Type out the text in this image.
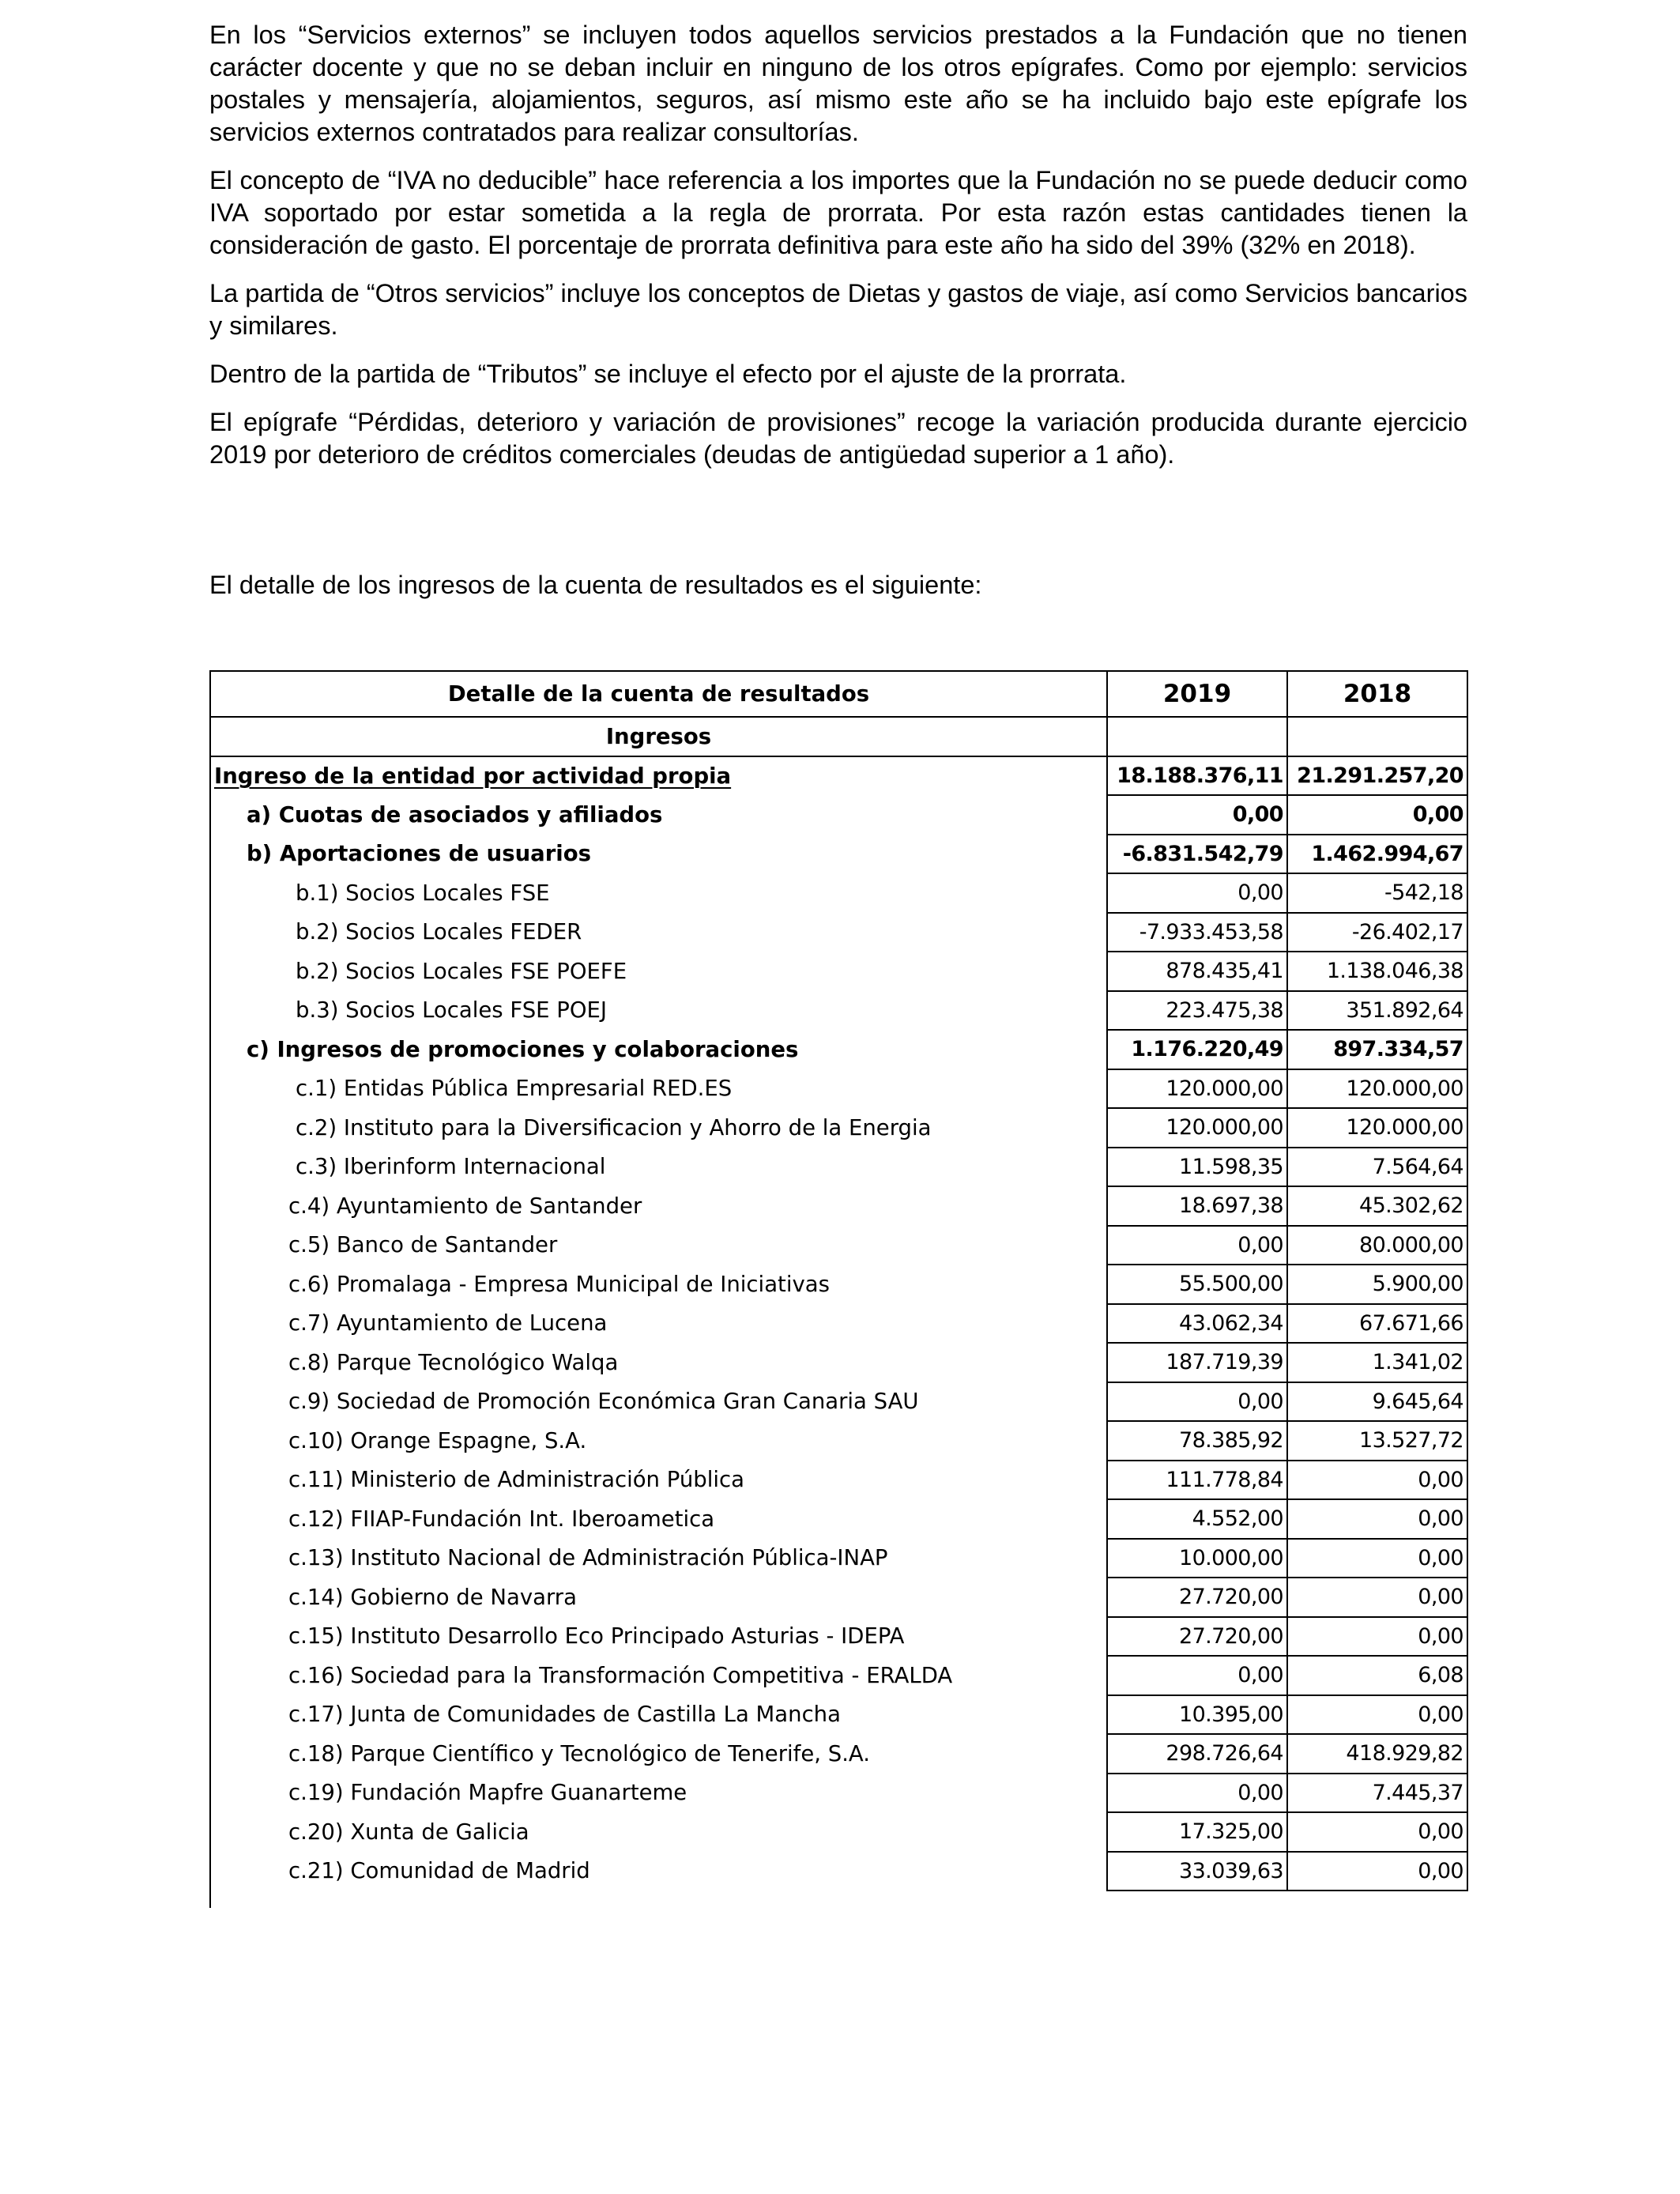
En los “Servicios externos” se incluyen todos aquellos servicios prestados a la Fundación que no tienen carácter docente y que no se deban incluir en ninguno de los otros epígrafes. Como por ejemplo: servicios postales y mensajería, alojamientos, seguros, así mismo este año se ha incluido bajo este epígrafe los servicios externos contratados para realizar consultorías.

El concepto de “IVA no deducible” hace referencia a los importes que la Fundación no se puede deducir como IVA soportado por estar sometida a la regla de prorrata. Por esta razón estas cantidades tienen la consideración de gasto. El porcentaje de prorrata definitiva para este año ha sido del 39% (32% en 2018).

La partida de “Otros servicios” incluye los conceptos de Dietas y gastos de viaje, así como Servicios bancarios y similares.

Dentro de la partida de “Tributos” se incluye el efecto por el ajuste de la prorrata.

El epígrafe “Pérdidas, deterioro y variación de provisiones” recoge la variación producida durante ejercicio 2019 por deterioro de créditos comerciales (deudas de antigüedad superior a 1 año).

El detalle de los ingresos de la cuenta de resultados es el siguiente:

Detalle de la cuenta de resultados	2019	2018
Ingresos		
Ingreso de la entidad por actividad propia	18.188.376,11	21.291.257,20
a) Cuotas de asociados y afiliados	0,00	0,00
b) Aportaciones de usuarios	-6.831.542,79	1.462.994,67
b.1) Socios Locales FSE	0,00	-542,18
b.2) Socios Locales FEDER	-7.933.453,58	-26.402,17
b.2) Socios Locales FSE POEFE	878.435,41	1.138.046,38
b.3) Socios Locales FSE POEJ	223.475,38	351.892,64
c) Ingresos de promociones y colaboraciones	1.176.220,49	897.334,57
c.1) Entidas Pública Empresarial RED.ES	120.000,00	120.000,00
c.2) Instituto para la Diversificacion y Ahorro de la Energia	120.000,00	120.000,00
c.3) Iberinform Internacional	11.598,35	7.564,64
c.4) Ayuntamiento de Santander	18.697,38	45.302,62
c.5) Banco de Santander	0,00	80.000,00
c.6) Promalaga - Empresa Municipal de Iniciativas	55.500,00	5.900,00
c.7) Ayuntamiento de Lucena	43.062,34	67.671,66
c.8) Parque Tecnológico Walqa	187.719,39	1.341,02
c.9) Sociedad de Promoción Económica Gran Canaria SAU	0,00	9.645,64
c.10) Orange Espagne, S.A.	78.385,92	13.527,72
c.11) Ministerio de Administración Pública	111.778,84	0,00
c.12) FIIAP-Fundación Int. Iberoametica	4.552,00	0,00
c.13) Instituto Nacional de Administración Pública-INAP	10.000,00	0,00
c.14) Gobierno de Navarra	27.720,00	0,00
c.15) Instituto Desarrollo Eco Principado Asturias - IDEPA	27.720,00	0,00
c.16) Sociedad para la Transformación Competitiva - ERALDA	0,00	6,08
c.17) Junta de Comunidades de Castilla La Mancha	10.395,00	0,00
c.18) Parque Científico y Tecnológico de Tenerife, S.A.	298.726,64	418.929,82
c.19) Fundación Mapfre Guanarteme	0,00	7.445,37
c.20) Xunta de Galicia	17.325,00	0,00
c.21) Comunidad de Madrid	33.039,63	0,00
